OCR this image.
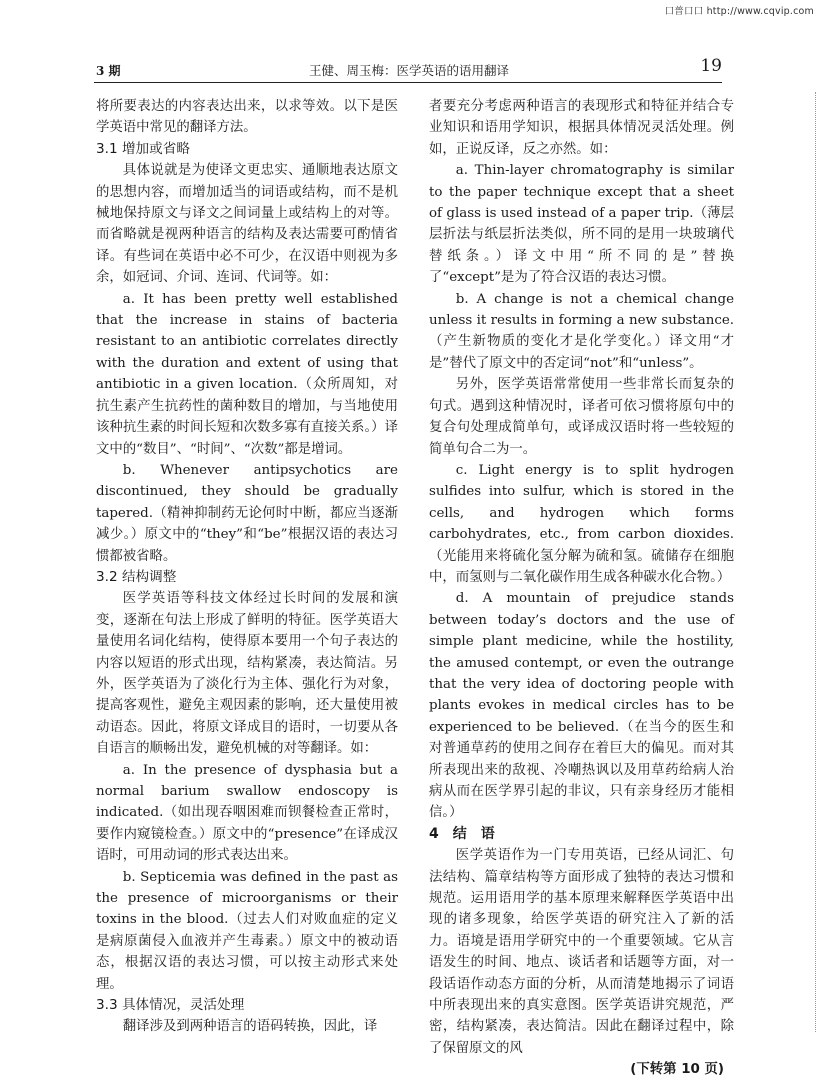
口普口口 http://www.cqvip.com
3 期	王健、周玉梅：医学英语的语用翻译	19

将所要表达的内容表达出来，以求等效。以下是医学英语中常见的翻译方法。

3.1 增加或省略

具体说就是为使译文更忠实、通顺地表达原文的思想内容，而增加适当的词语或结构，而不是机械地保持原文与译文之间词量上或结构上的对等。而省略就是视两种语言的结构及表达需要可酌情省译。有些词在英语中必不可少，在汉语中则视为多余，如冠词、介词、连词、代词等。如：

a. It has been pretty well established that the increase in stains of bacteria resistant to an antibiotic correlates directly with the duration and extent of using that antibiotic in a given location.（众所周知，对抗生素产生抗药性的菌种数目的增加，与当地使用该种抗生素的时间长短和次数多寡有直接关系。）译文中的“数目”、“时间”、“次数”都是增词。

b. Whenever antipsychotics are discontinued, they should be gradually tapered.（精神抑制药无论何时中断，都应当逐渐减少。）原文中的“they”和“be”根据汉语的表达习惯都被省略。

3.2 结构调整

医学英语等科技文体经过长时间的发展和演变，逐渐在句法上形成了鲜明的特征。医学英语大量使用名词化结构，使得原本要用一个句子表达的内容以短语的形式出现，结构紧凑，表达简洁。另外，医学英语为了淡化行为主体、强化行为对象，提高客观性，避免主观因素的影响，还大量使用被动语态。因此，将原文译成目的语时，一切要从各自语言的顺畅出发，避免机械的对等翻译。如：

a. In the presence of dysphasia but a normal barium swallow endoscopy is indicated.（如出现吞咽困难而钡餐检查正常时，要作内窥镜检查。）原文中的“presence”在译成汉语时，可用动词的形式表达出来。

b. Septicemia was defined in the past as the presence of microorganisms or their toxins in the blood.（过去人们对败血症的定义是病原菌侵入血液并产生毒素。）原文中的被动语态，根据汉语的表达习惯，可以按主动形式来处理。

3.3 具体情况，灵活处理

翻译涉及到两种语言的语码转换，因此，译

者要充分考虑两种语言的表现形式和特征并结合专业知识和语用学知识，根据具体情况灵活处理。例如，正说反译，反之亦然。如：

a. Thin-layer chromatography is similar to the paper technique except that a sheet of glass is used instead of a paper trip.（薄层层折法与纸层折法类似，所不同的是用一块玻璃代替纸条。）译文中用“所不同的是”替换了“except”是为了符合汉语的表达习惯。

b. A change is not a chemical change unless it results in forming a new substance.（产生新物质的变化才是化学变化。）译文用“才是”替代了原文中的否定词“not”和“unless”。

另外，医学英语常常使用一些非常长而复杂的句式。遇到这种情况时，译者可依习惯将原句中的复合句处理成简单句，或译成汉语时将一些较短的简单句合二为一。

c. Light energy is to split hydrogen sulfides into sulfur, which is stored in the cells, and hydrogen which forms carbohydrates, etc., from carbon dioxides.（光能用来将硫化氢分解为硫和氢。硫储存在细胞中，而氢则与二氧化碳作用生成各种碳水化合物。）

d. A mountain of prejudice stands between today’s doctors and the use of simple plant medicine, while the hostility, the amused contempt, or even the outrange that the very idea of doctoring people with plants evokes in medical circles has to be experienced to be believed.（在当今的医生和对普通草药的使用之间存在着巨大的偏见。而对其所表现出来的敌视、冷嘲热讽以及用草药给病人治病从而在医学界引起的非议，只有亲身经历才能相信。）

4　结　语

医学英语作为一门专用英语，已经从词汇、句法结构、篇章结构等方面形成了独特的表达习惯和规范。运用语用学的基本原理来解释医学英语中出现的诸多现象，给医学英语的研究注入了新的活力。语境是语用学研究中的一个重要领域。它从言语发生的时间、地点、谈话者和话题等方面，对一段话语作动态方面的分析，从而清楚地揭示了词语中所表现出来的真实意图。医学英语讲究规范，严密，结构紧凑，表达简洁。因此在翻译过程中，除了保留原文的风

(下转第 10 页)
